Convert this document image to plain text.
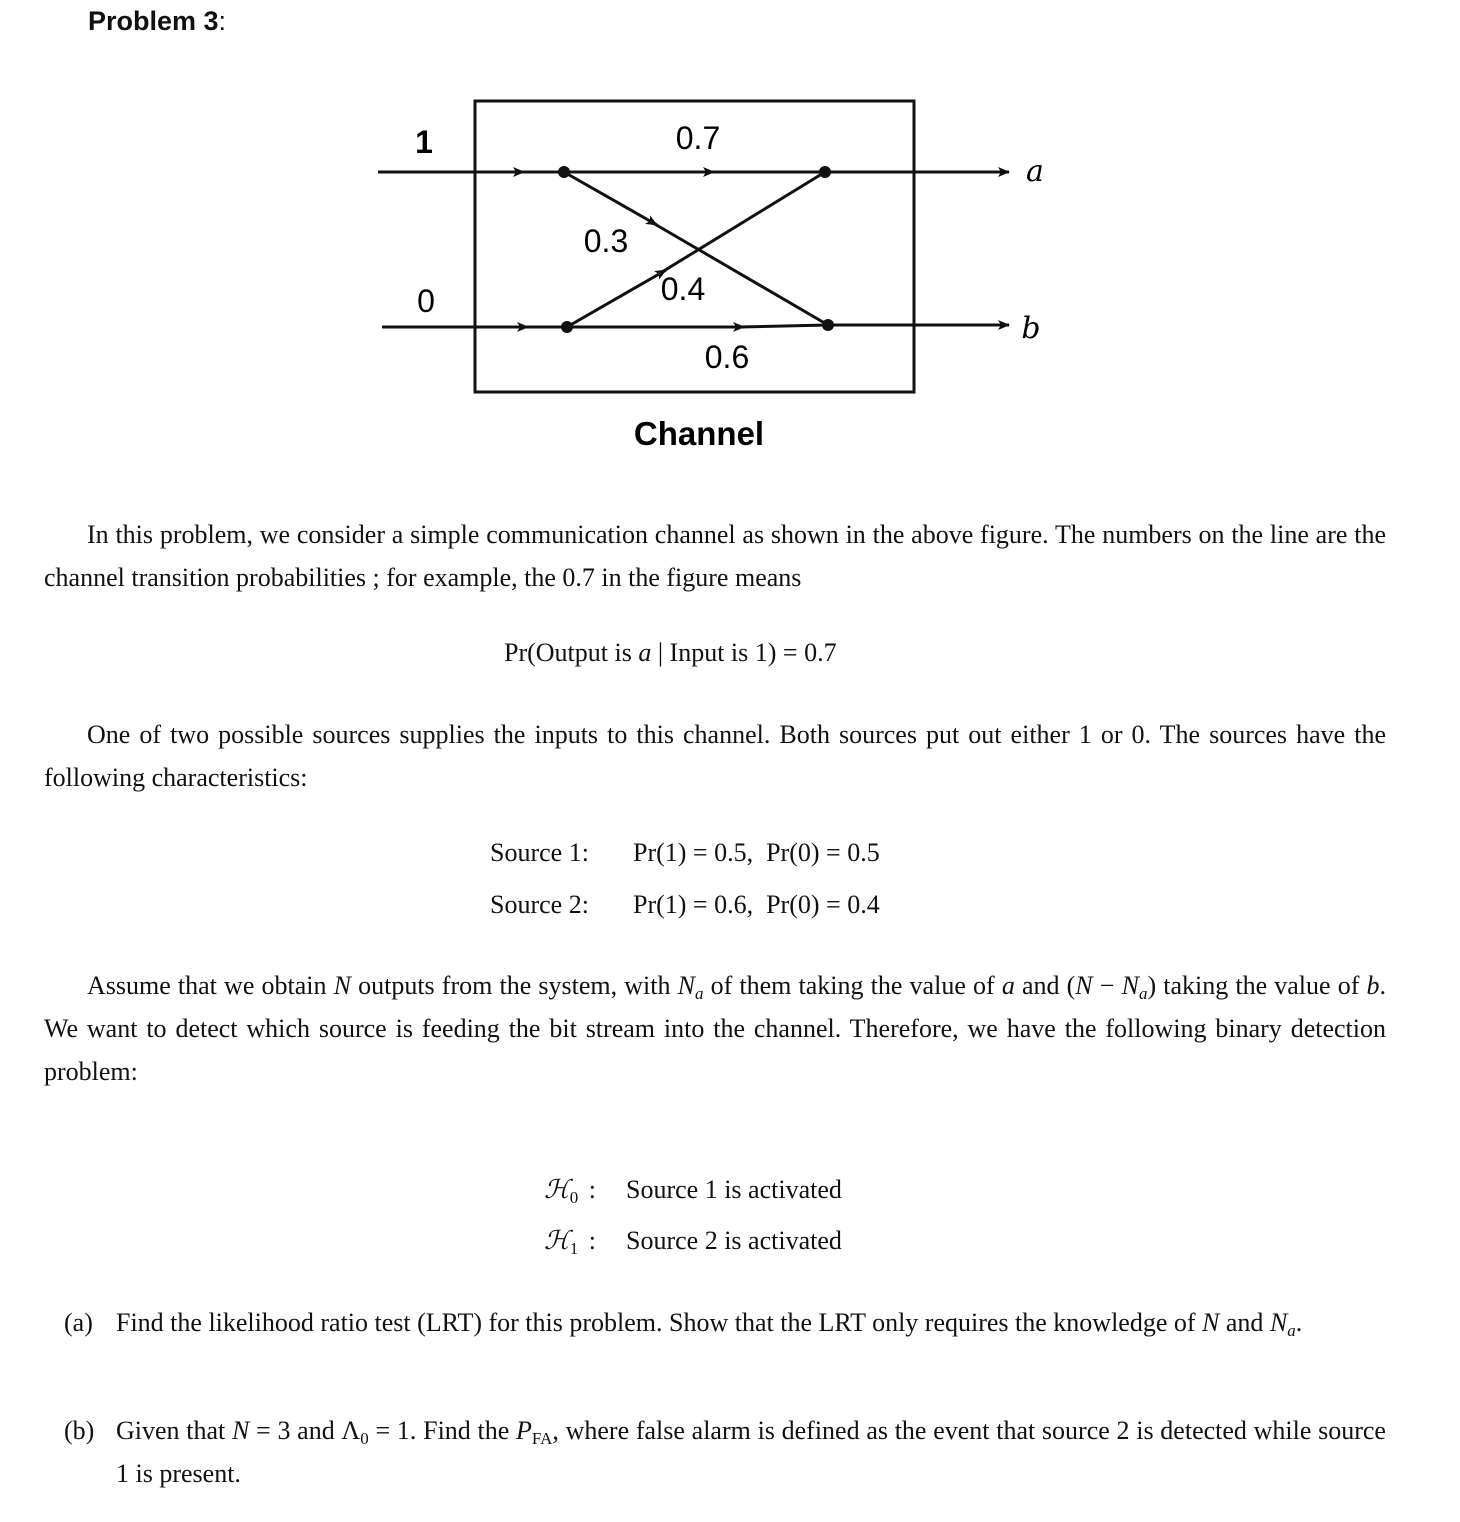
Problem 3:
1
0
a
b
0.7
0.3
0.4
0.6
Channel
In this problem, we consider a simple communication channel as shown in the above figure. The numbers on the line are the channel transition probabilities ; for example, the 0.7 in the figure means
Pr(Output is a | Input is 1) = 0.7
One of two possible sources supplies the inputs to this channel. Both sources put out either 1 or 0. The sources have the following characteristics:
Source 1: Pr(1) = 0.5,  Pr(0) = 0.5
Source 2: Pr(1) = 0.6,  Pr(0) = 0.4
Assume that we obtain N outputs from the system, with $N_a$ of them taking the value of a and $(N - N_a)$ taking the value of b. We want to detect which source is feeding the bit stream into the channel. Therefore, we have the following binary detection problem:
ℋ$_0$ : Source 1 is activated
ℋ$_1$ : Source 2 is activated
(a) Find the likelihood ratio test (LRT) for this problem. Show that the LRT only requires the knowledge of N and $N_a$.
(b) Given that N = 3 and $\Lambda_0 = 1$. Find the $P_{FA}$, where false alarm is defined as the event that source 2 is detected while source 1 is present.
